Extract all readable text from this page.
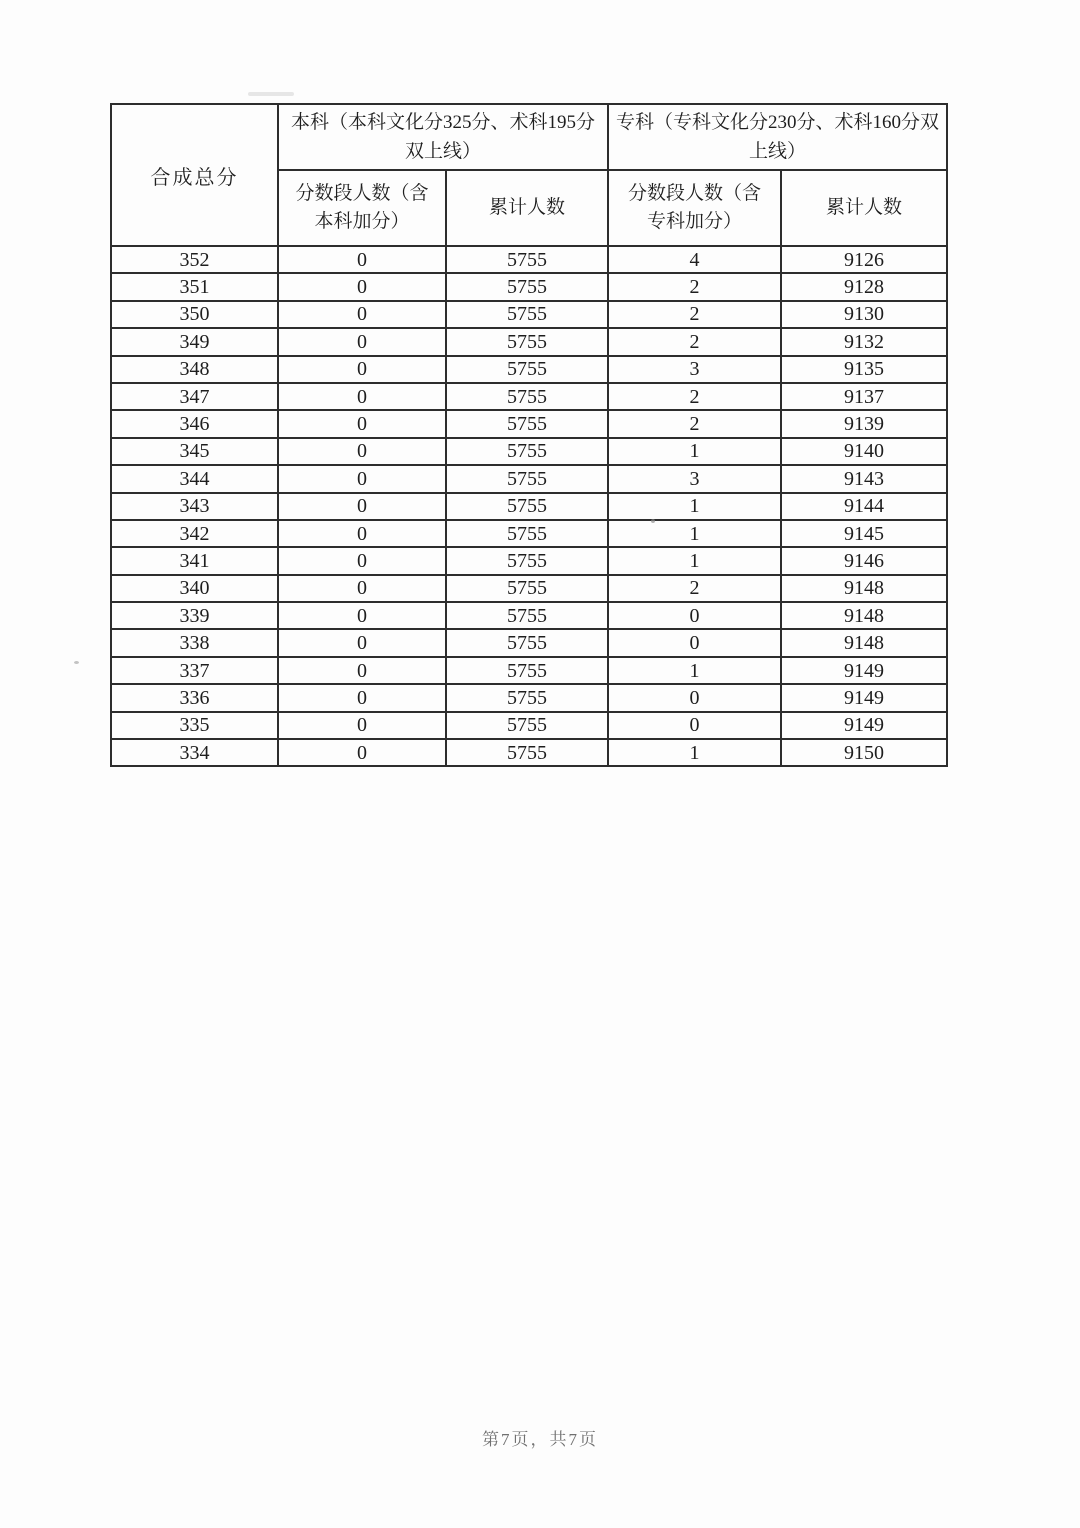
合成总分	本科（本科文化分325分、术科195分双上线）		专科（专科文化分230分、术科160分双上线）	
	分数段人数（含本科加分）	累计人数	分数段人数（含专科加分）	累计人数
352	0	5755	4	9126
351	0	5755	2	9128
350	0	5755	2	9130
349	0	5755	2	9132
348	0	5755	3	9135
347	0	5755	2	9137
346	0	5755	2	9139
345	0	5755	1	9140
344	0	5755	3	9143
343	0	5755	1	9144
342	0	5755	1	9145
341	0	5755	1	9146
340	0	5755	2	9148
339	0	5755	0	9148
338	0	5755	0	9148
337	0	5755	1	9149
336	0	5755	0	9149
335	0	5755	0	9149
334	0	5755	1	9150
第7页，共7页
